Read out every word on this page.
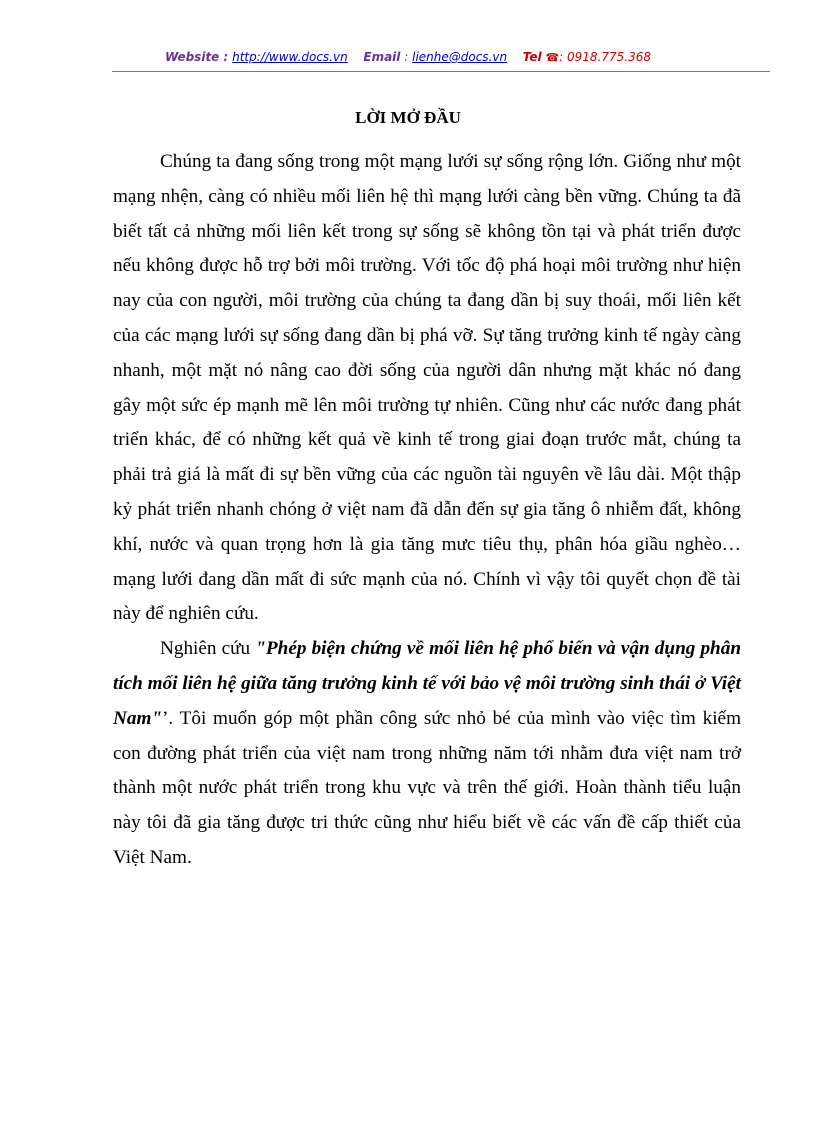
Website : http://www.docs.vn Email : lienhe@docs.vn Tel ☎: 0918.775.368
LỜI MỞ ĐẦU

Chúng ta đang sống trong một mạng lưới sự sống rộng lớn. Giống như một mạng nhện, càng có nhiều mối liên hệ thì mạng lưới càng bền vững. Chúng ta đã biết tất cả những mối liên kết trong sự sống sẽ không tồn tại và phát triển được nếu không được hỗ trợ bởi môi trường. Với tốc độ phá hoại môi trường như hiện nay của con người, môi trường của chúng ta đang dần bị suy thoái, mối liên kết của các mạng lưới sự sống đang dần bị phá vỡ. Sự tăng trưởng kinh tế ngày càng nhanh, một mặt nó nâng cao đời sống của người dân nhưng mặt khác nó đang gây một sức ép mạnh mẽ lên môi trường tự nhiên. Cũng như các nước đang phát triển khác, để có những kết quả về kinh tế trong giai đoạn trước mắt, chúng ta phải trả giá là mất đi sự bền vững của các nguồn tài nguyên về lâu dài. Một thập kỷ phát triển nhanh chóng ở việt nam đã dẫn đến sự gia tăng ô nhiễm đất, không khí, nước và quan trọng hơn là gia tăng mưc tiêu thụ, phân hóa giầu nghèo… mạng lưới đang dần mất đi sức mạnh của nó. Chính vì vậy tôi quyết chọn đề tài này để nghiên cứu.

Nghiên cứu "Phép biện chứng về mối liên hệ phổ biến và vận dụng phân tích mối liên hệ giữa tăng trưởng kinh tế với bảo vệ môi trường sinh thái ở Việt Nam"’. Tôi muốn góp một phần công sức nhỏ bé của mình vào việc tìm kiếm con đường phát triển của việt nam trong những năm tới nhằm đưa việt nam trở thành một nước phát triển trong khu vực và trên thế giới. Hoàn thành tiểu luận này tôi đã gia tăng được tri thức cũng như hiểu biết về các vấn đề cấp thiết của Việt Nam.
